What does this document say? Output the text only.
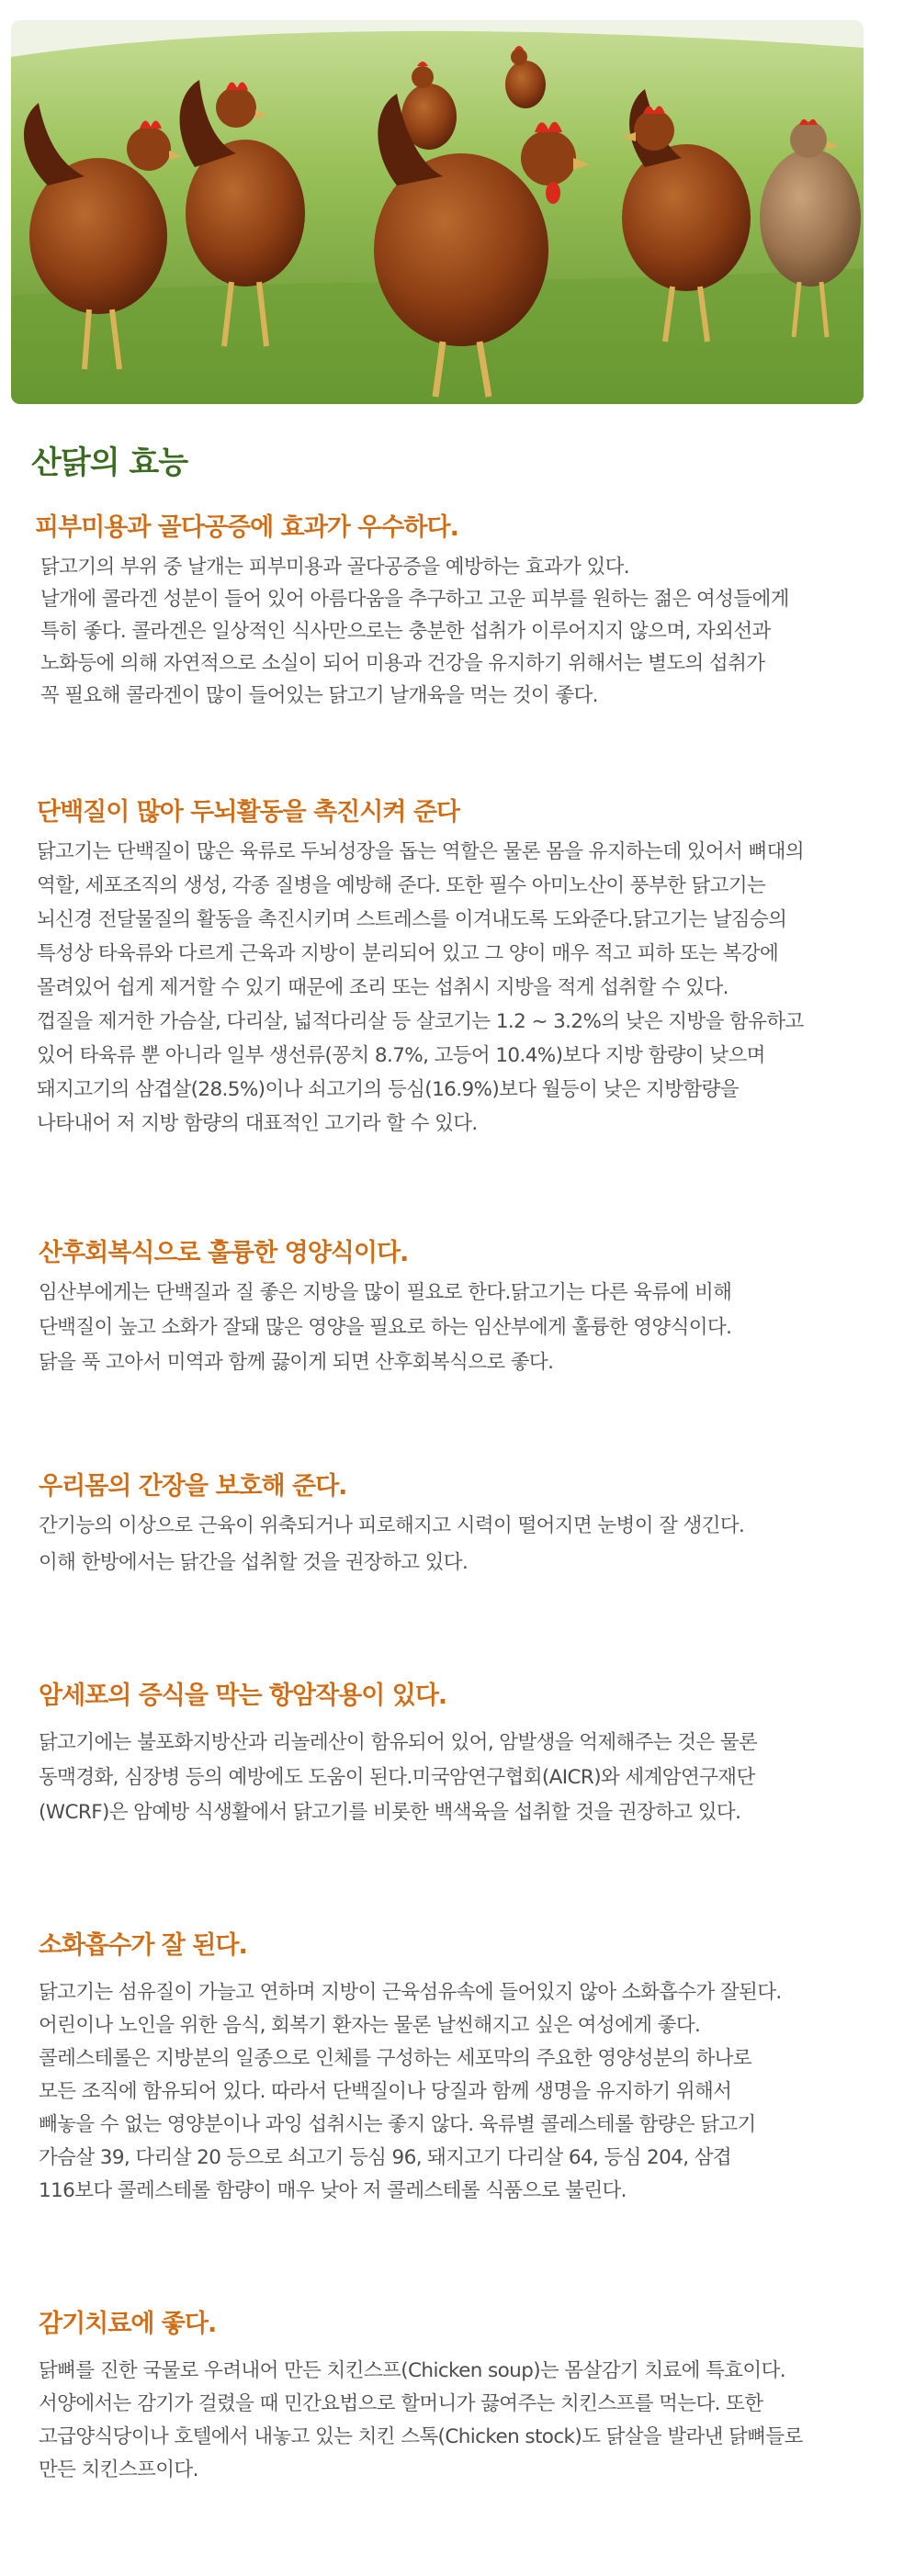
산닭의 효능
피부미용과 골다공증에 효과가 우수하다.

닭고기의 부위 중 날개는 피부미용과 골다공증을 예방하는 효과가 있다.

날개에 콜라겐 성분이 들어 있어 아름다움을 추구하고 고운 피부를 원하는 젊은 여성들에게

특히 좋다. 콜라겐은 일상적인 식사만으로는 충분한 섭취가 이루어지지 않으며, 자외선과

노화등에 의해 자연적으로 소실이 되어 미용과 건강을 유지하기 위해서는 별도의 섭취가

꼭 필요해 콜라겐이 많이 들어있는 닭고기 날개육을 먹는 것이 좋다.

단백질이 많아 두뇌활동을 촉진시켜 준다

닭고기는 단백질이 많은 육류로 두뇌성장을 돕는 역할은 물론 몸을 유지하는데 있어서 뼈대의

역할, 세포조직의 생성, 각종 질병을 예방해 준다. 또한 필수 아미노산이 풍부한 닭고기는

뇌신경 전달물질의 활동을 촉진시키며 스트레스를 이겨내도록 도와준다.닭고기는 날짐승의

특성상 타육류와 다르게 근육과 지방이 분리되어 있고 그 양이 매우 적고 피하 또는 복강에

몰려있어 쉽게 제거할 수 있기 때문에 조리 또는 섭취시 지방을 적게 섭취할 수 있다.

껍질을 제거한 가슴살, 다리살, 넓적다리살 등 살코기는 1.2 ~ 3.2%의 낮은 지방을 함유하고

있어 타육류 뿐 아니라 일부 생선류(꽁치 8.7%, 고등어 10.4%)보다 지방 함량이 낮으며

돼지고기의 삼겹살(28.5%)이나 쇠고기의 등심(16.9%)보다 월등이 낮은 지방함량을

나타내어 저 지방 함량의 대표적인 고기라 할 수 있다.

산후회복식으로 훌륭한 영양식이다.

임산부에게는 단백질과 질 좋은 지방을 많이 필요로 한다.닭고기는 다른 육류에 비해

단백질이 높고 소화가 잘돼 많은 영양을 필요로 하는 임산부에게 훌륭한 영양식이다.

닭을 푹 고아서 미역과 함께 끓이게 되면 산후회복식으로 좋다.

우리몸의 간장을 보호해 준다.

간기능의 이상으로 근육이 위축되거나 피로해지고 시력이 떨어지면 눈병이 잘 생긴다.

이해 한방에서는 닭간을 섭취할 것을 권장하고 있다.

암세포의 증식을 막는 항암작용이 있다.

닭고기에는 불포화지방산과 리놀레산이 함유되어 있어, 암발생을 억제해주는 것은 물론

동맥경화, 심장병 등의 예방에도 도움이 된다.미국암연구협회(AICR)와 세계암연구재단

(WCRF)은 암예방 식생활에서 닭고기를 비롯한 백색육을 섭취할 것을 권장하고 있다.

소화흡수가 잘 된다.

닭고기는 섬유질이 가늘고 연하며 지방이 근육섬유속에 들어있지 않아 소화흡수가 잘된다.

어린이나 노인을 위한 음식, 회복기 환자는 물론 날씬해지고 싶은 여성에게 좋다.

콜레스테롤은 지방분의 일종으로 인체를 구성하는 세포막의 주요한 영양성분의 하나로

모든 조직에 함유되어 있다. 따라서 단백질이나 당질과 함께 생명을 유지하기 위해서

빼놓을 수 없는 영양분이나 과잉 섭취시는 좋지 않다. 육류별 콜레스테롤 함량은 닭고기

가슴살 39, 다리살 20 등으로 쇠고기 등심 96, 돼지고기 다리살 64, 등심 204, 삼겹

116보다 콜레스테롤 함량이 매우 낮아 저 콜레스테롤 식품으로 불린다.

감기치료에 좋다.

닭뼈를 진한 국물로 우려내어 만든 치킨스프(Chicken soup)는 몸살감기 치료에 특효이다.

서양에서는 감기가 걸렸을 때 민간요법으로 할머니가 끓여주는 치킨스프를 먹는다. 또한

고급양식당이나 호텔에서 내놓고 있는 치킨 스톡(Chicken stock)도 닭살을 발라낸 닭뼈들로

만든 치킨스프이다.
